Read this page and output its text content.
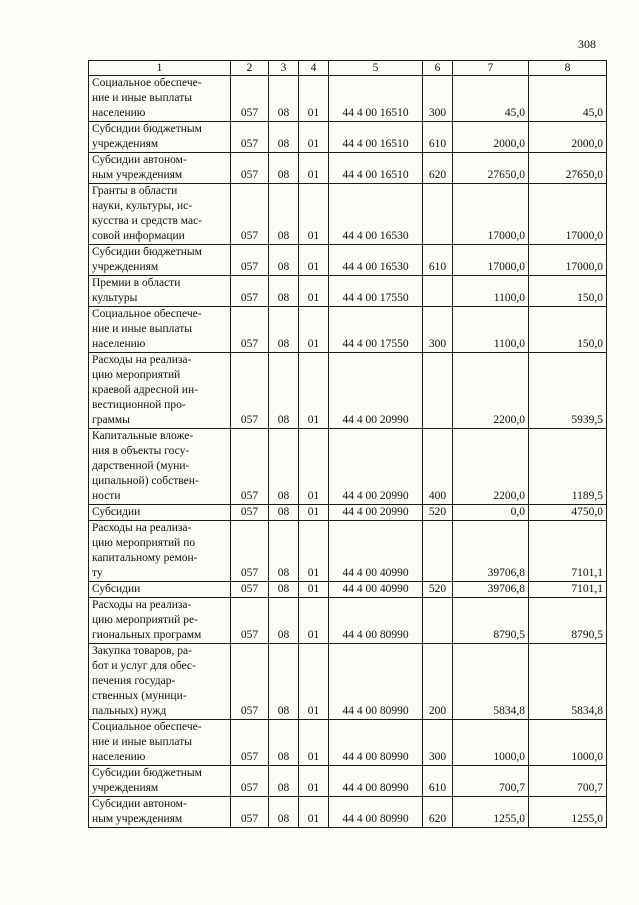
308
1	2	3	4	5	6	7	8
Социальное обеспече-
ние и иные выплаты
населению	057	08	01	44 4 00 16510	300	45,0	45,0
Субсидии бюджетным
учреждениям	057	08	01	44 4 00 16510	610	2000,0	2000,0
Субсидии автоном-
ным учреждениям	057	08	01	44 4 00 16510	620	27650,0	27650,0
Гранты в области
науки, культуры, ис-
кусства и средств мас-
совой информации	057	08	01	44 4 00 16530		17000,0	17000,0
Субсидии бюджетным
учреждениям	057	08	01	44 4 00 16530	610	17000,0	17000,0
Премии в области
культуры	057	08	01	44 4 00 17550		1100,0	150,0
Социальное обеспече-
ние и иные выплаты
населению	057	08	01	44 4 00 17550	300	1100,0	150,0
Расходы на реализа-
цию мероприятий
краевой адресной ин-
вестиционной про-
граммы	057	08	01	44 4 00 20990		2200,0	5939,5
Капитальные вложе-
ния в объекты госу-
дарственной (муни-
ципальной) собствен-
ности	057	08	01	44 4 00 20990	400	2200,0	1189,5
Субсидии	057	08	01	44 4 00 20990	520	0,0	4750,0
Расходы на реализа-
цию мероприятий по
капитальному ремон-
ту	057	08	01	44 4 00 40990		39706,8	7101,1
Субсидии	057	08	01	44 4 00 40990	520	39706,8	7101,1
Расходы на реализа-
цию мероприятий ре-
гиональных программ	057	08	01	44 4 00 80990		8790,5	8790,5
Закупка товаров, ра-
бот и услуг для обес-
печения государ-
ственных (муници-
пальных) нужд	057	08	01	44 4 00 80990	200	5834,8	5834,8
Социальное обеспече-
ние и иные выплаты
населению	057	08	01	44 4 00 80990	300	1000,0	1000,0
Субсидии бюджетным
учреждениям	057	08	01	44 4 00 80990	610	700,7	700,7
Субсидии автоном-
ным учреждениям	057	08	01	44 4 00 80990	620	1255,0	1255,0
